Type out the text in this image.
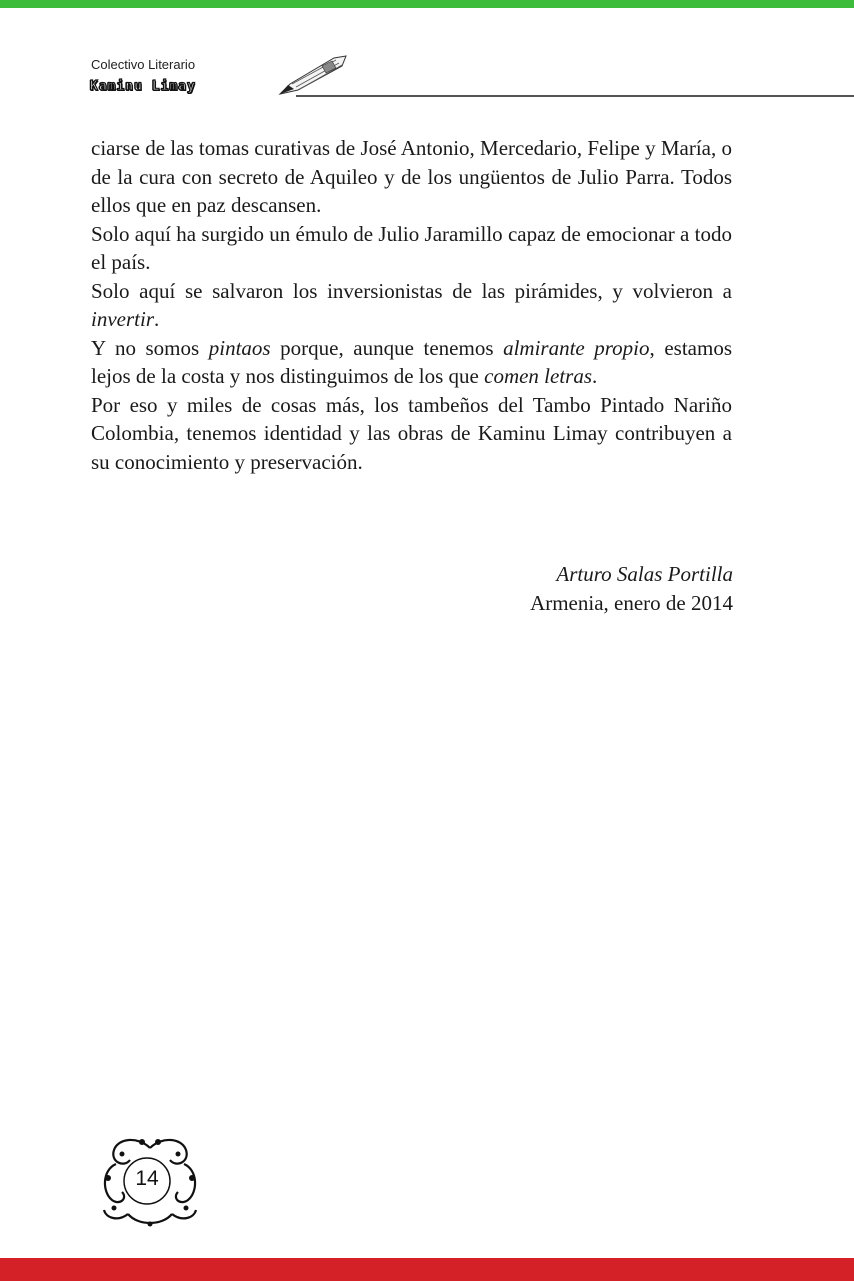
Colectivo Literario
Kaminu Limay

ciarse de las tomas curativas de José Antonio, Mercedario, Felipe y María, o de la cura con secreto de Aquileo y de los ungüentos de Julio Parra. Todos ellos que en paz descansen.

Solo aquí ha surgido un émulo de Julio Jaramillo capaz de emocionar a todo el país.

Solo aquí se salvaron los inversionistas de las pirámides, y volvieron a invertir.

Y no somos pintaos porque, aunque tenemos almirante propio, estamos lejos de la costa y nos distinguimos de los que comen letras.

Por eso y miles de cosas más, los tambeños del Tambo Pintado Nariño Colombia, tenemos identidad y las obras de Kaminu Limay contribuyen a su conocimiento y preservación.

Arturo Salas Portilla
Armenia, enero de 2014
14
